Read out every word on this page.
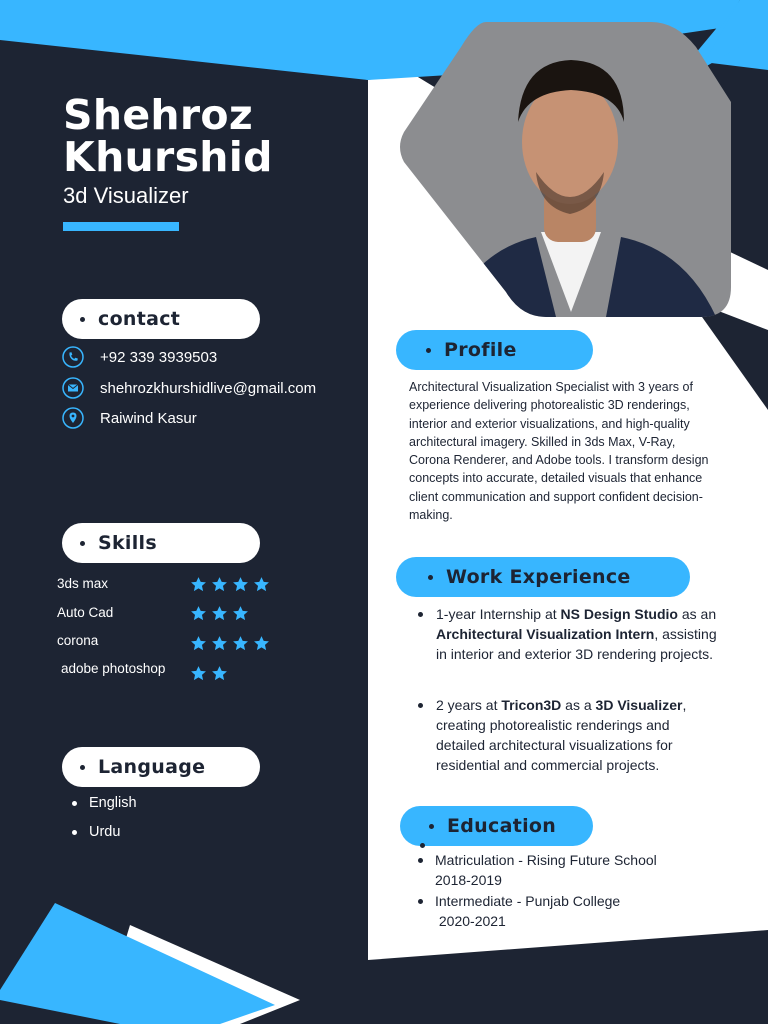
Shehroz
Khurshid
3d Visualizer
contact
+92 339 3939503
shehrozkhurshidlive@gmail.com
Raiwind Kasur
Skills
3ds max
Auto Cad
corona
adobe photoshop
Language
English
Urdu
Profile
Architectural Visualization Specialist with 3 years of experience delivering photorealistic 3D renderings, interior and exterior visualizations, and high-quality architectural imagery. Skilled in 3ds Max, V-Ray, Corona Renderer, and Adobe tools. I transform design concepts into accurate, detailed visuals that enhance client communication and support confident decision-making.
Work Experience
1-year Internship at NS Design Studio as an Architectural Visualization Intern, assisting in interior and exterior 3D rendering projects.
2 years at Tricon3D as a 3D Visualizer, creating photorealistic renderings and detailed architectural visualizations for residential and commercial projects.
Education
Matriculation - Rising Future School
2018-2019
Intermediate - Punjab College
2020-2021
